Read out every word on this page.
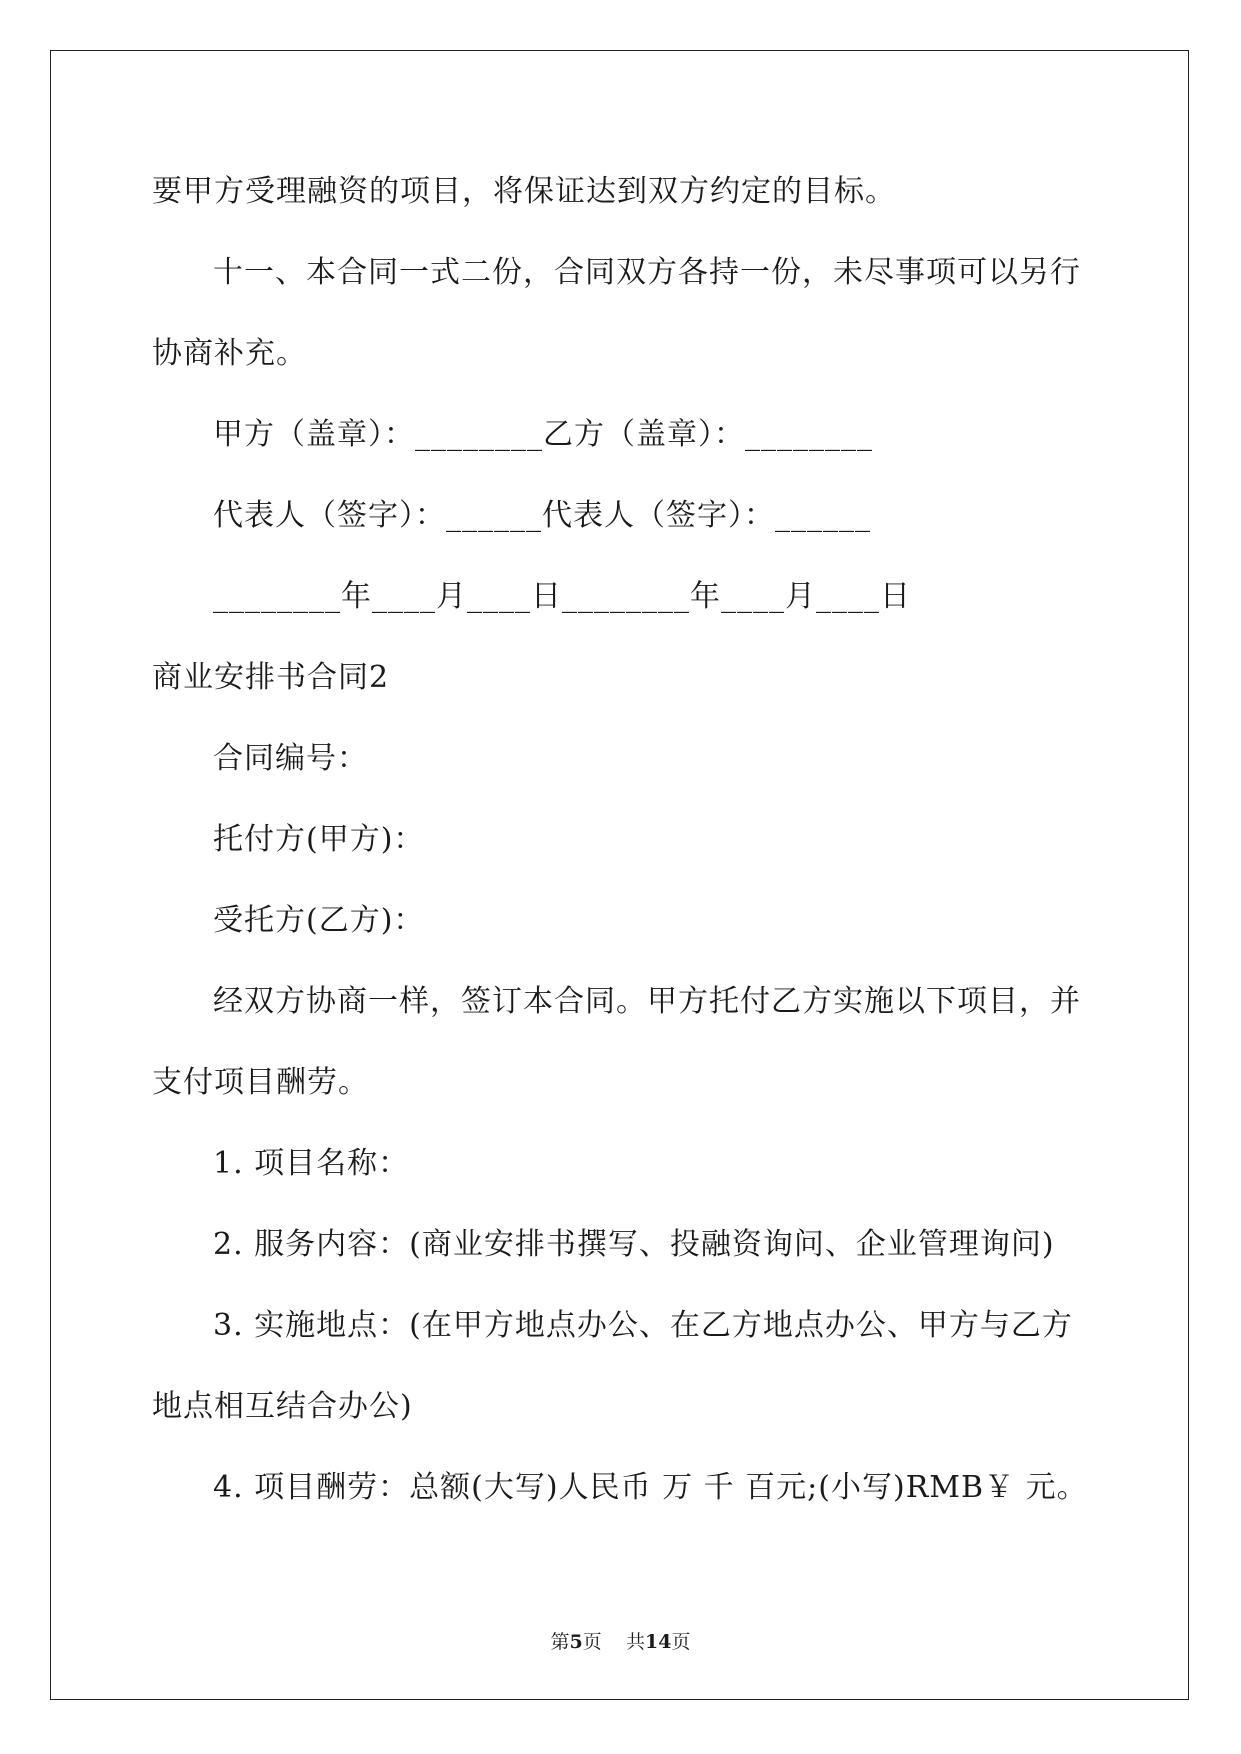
要甲方受理融资的项目，将保证达到双方约定的目标。
十一、本合同一式二份，合同双方各持一份，未尽事项可以另行
协商补充。
甲方（盖章）：________乙方（盖章）：________
代表人（签字）：______代表人（签字）：______
________年____月____日________年____月____日
商业安排书合同2
合同编号：
托付方(甲方)：
受托方(乙方)：
经双方协商一样，签订本合同。甲方托付乙方实施以下项目，并
支付项目酬劳。
1. 项目名称：
2. 服务内容：(商业安排书撰写、投融资询问、企业管理询问)
3. 实施地点：(在甲方地点办公、在乙方地点办公、甲方与乙方
地点相互结合办公)
4. 项目酬劳：总额(大写)人民币 万 千 百元;(小写)RMB￥ 元。
第5页 共14页
